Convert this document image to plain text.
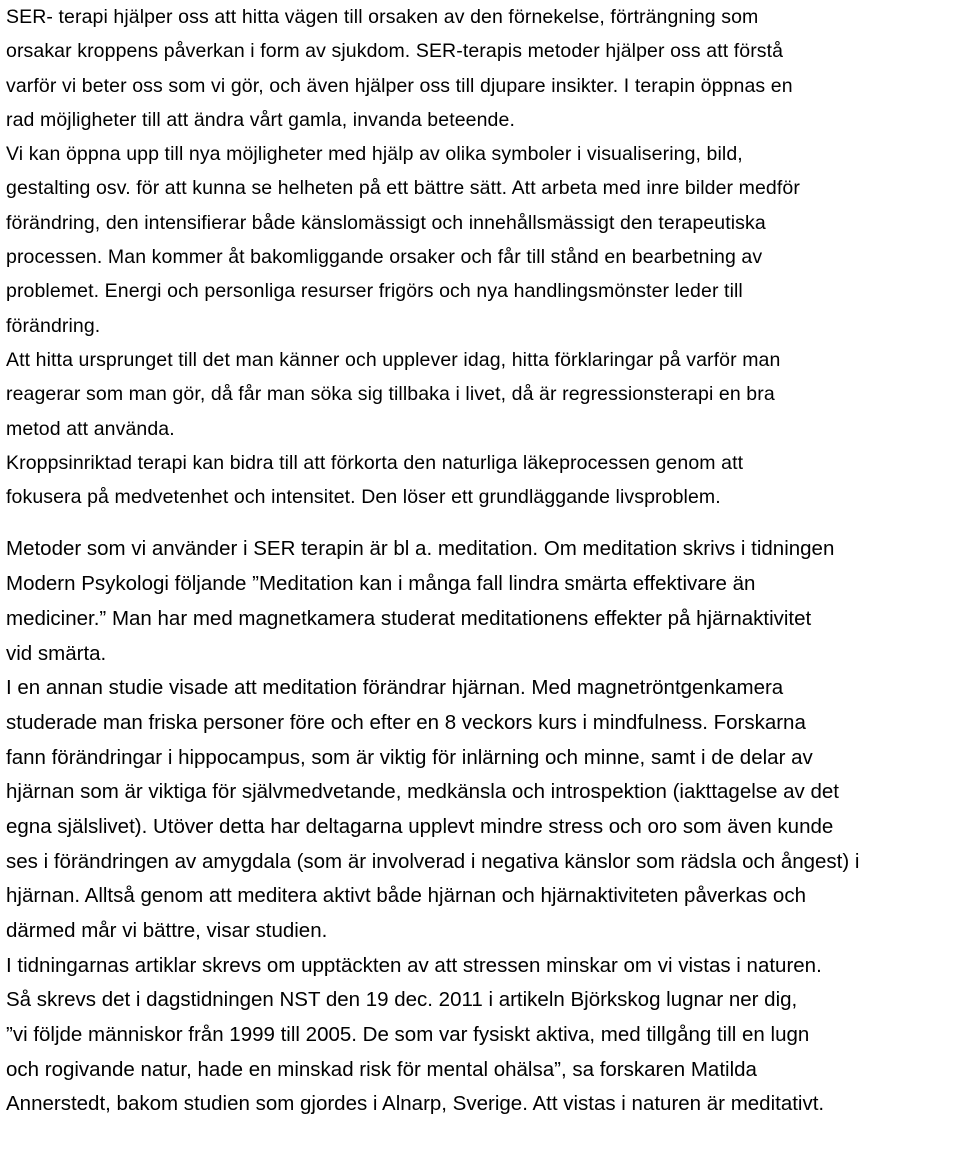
SER- terapi hjälper oss att hitta vägen till orsaken av den förnekelse, förträngning som
orsakar kroppens påverkan i form av sjukdom. SER-terapis metoder hjälper oss att förstå
varför vi beter oss som vi gör, och även hjälper oss till djupare insikter. I terapin öppnas en
rad möjligheter till att ändra vårt gamla, invanda beteende.
Vi kan öppna upp till nya möjligheter med hjälp av olika symboler i visualisering, bild,
gestalting osv. för att kunna se helheten på ett bättre sätt. Att arbeta med inre bilder medför
förändring, den intensifierar både känslomässigt och innehållsmässigt den terapeutiska
processen. Man kommer åt bakomliggande orsaker och får till stånd en bearbetning av
problemet. Energi och personliga resurser frigörs och nya handlingsmönster leder till
förändring.
Att hitta ursprunget till det man känner och upplever idag, hitta förklaringar på varför man
reagerar som man gör, då får man söka sig tillbaka i livet, då är regressionsterapi en bra
metod att använda.
Kroppsinriktad terapi kan bidra till att förkorta den naturliga läkeprocessen genom att
fokusera på medvetenhet och intensitet. Den löser ett grundläggande livsproblem.
Metoder som vi använder i SER terapin är bl a. meditation. Om meditation skrivs i tidningen
Modern Psykologi följande ”Meditation kan i många fall lindra smärta effektivare än
mediciner.” Man har med magnetkamera studerat meditationens effekter på hjärnaktivitet
vid smärta.
I en annan studie visade att meditation förändrar hjärnan. Med magnetröntgenkamera
studerade man friska personer före och efter en 8 veckors kurs i mindfulness. Forskarna
fann förändringar i hippocampus, som är viktig för inlärning och minne, samt i de delar av
hjärnan som är viktiga för självmedvetande, medkänsla och introspektion (iakttagelse av det
egna själslivet). Utöver detta har deltagarna upplevt mindre stress och oro som även kunde
ses i förändringen av amygdala (som är involverad i negativa känslor som rädsla och ångest) i
hjärnan. Alltså genom att meditera aktivt både hjärnan och hjärnaktiviteten påverkas och
därmed mår vi bättre, visar studien.
I tidningarnas artiklar skrevs om upptäckten av att stressen minskar om vi vistas i naturen.
Så skrevs det i dagstidningen NST den 19 dec. 2011 i artikeln Björkskog lugnar ner dig,
”vi följde människor från 1999 till 2005. De som var fysiskt aktiva, med tillgång till en lugn
och rogivande natur, hade en minskad risk för mental ohälsa”, sa forskaren Matilda
Annerstedt, bakom studien som gjordes i Alnarp, Sverige. Att vistas i naturen är meditativt.
